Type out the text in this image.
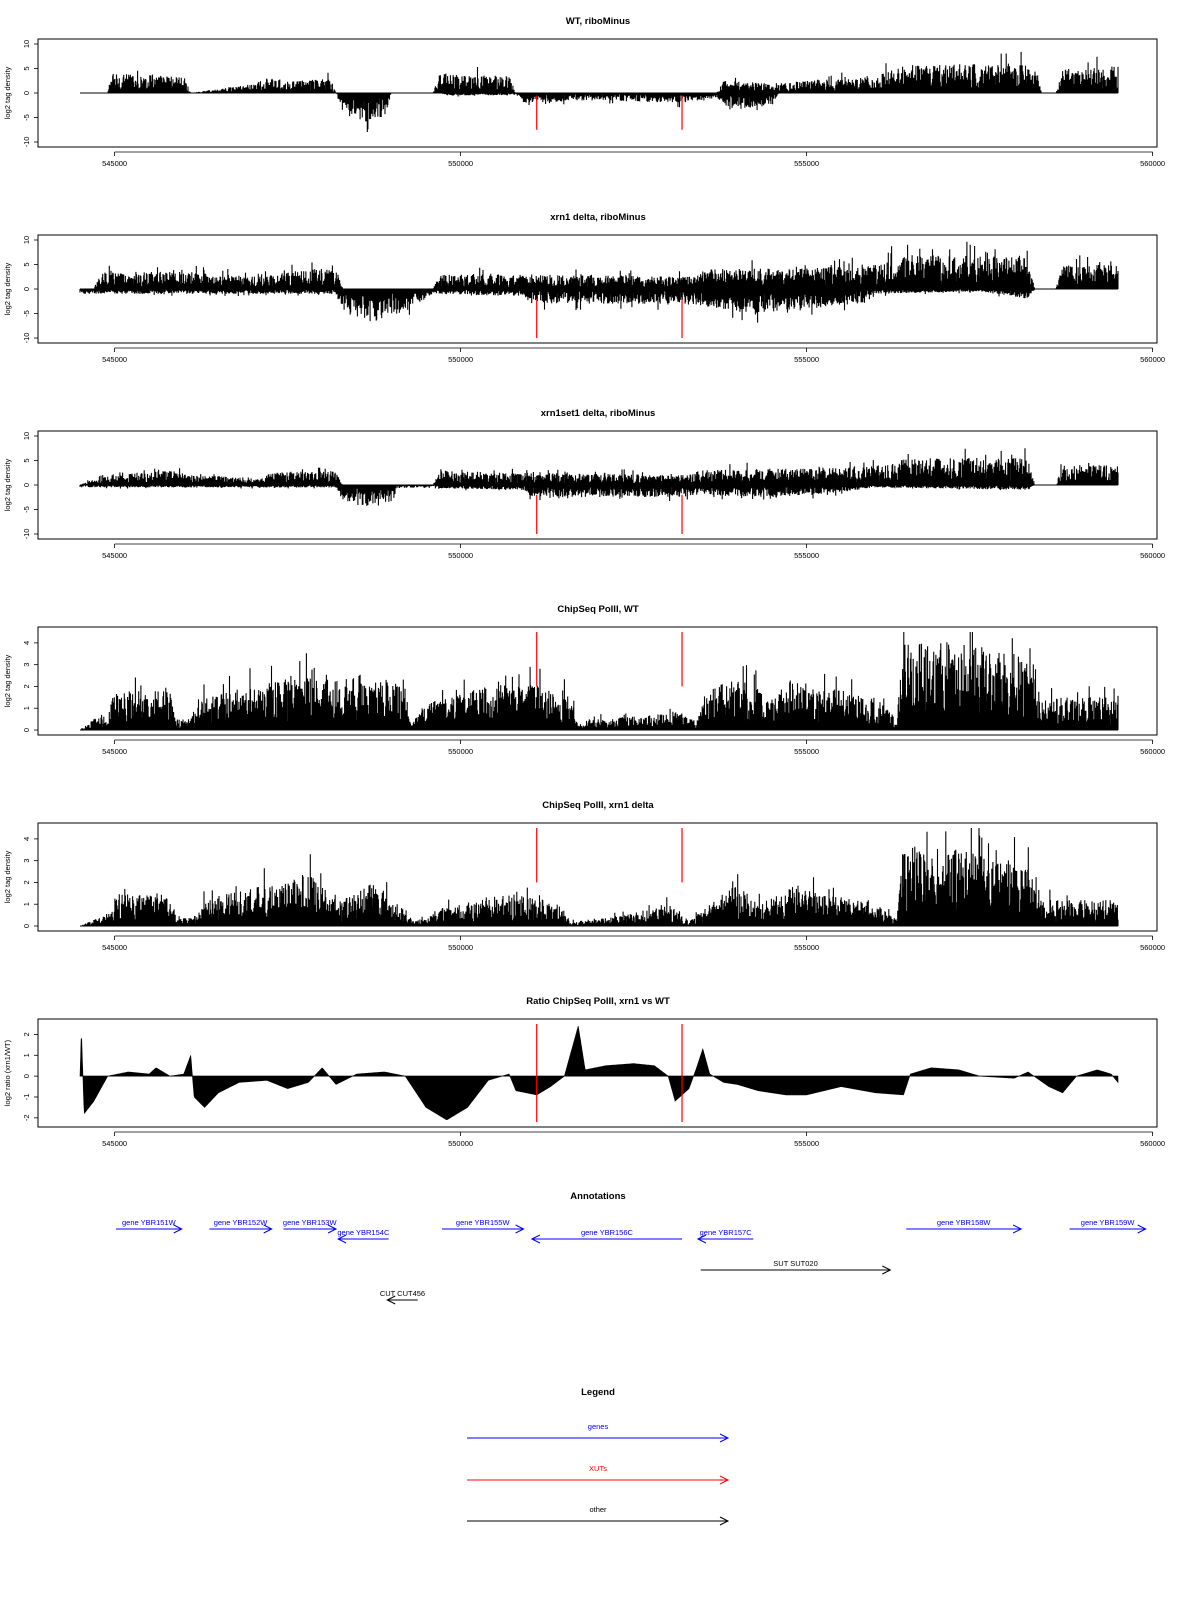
WT, riboMinus
-10
-5
0
5
10
log2 tag density
545000	550000	555000	560000
xrn1 delta, riboMinus
-10
-5
0
5
10
log2 tag density
545000	550000	555000	560000
xrn1set1 delta, riboMinus
-10
-5
0
5
10
log2 tag density
545000	550000	555000	560000
ChipSeq PolII, WT
0
1
2
3
4
log2 tag density
545000	550000	555000	560000
ChipSeq PolII, xrn1 delta
0
1
2
3
4
log2 tag density
545000	550000	555000	560000
Ratio ChipSeq PolII, xrn1 vs WT
-2
-1
0
1
2
log2 ratio (xrn1/WT)
545000	550000	555000	560000
Annotations
gene YBR151W	gene YBR152W gene YBR153W
gene YBR154C
gene YBR155W
gene YBR156C	gene YBR157C
gene YBR158W	gene YBR159W
SUT SUT020
CUT CUT456
Legend
genes
XUTs
other
